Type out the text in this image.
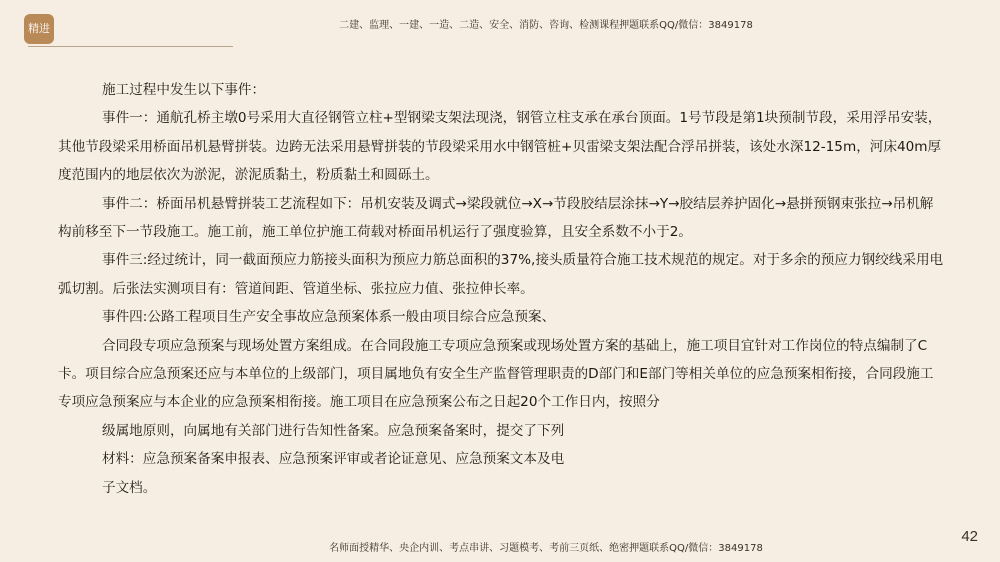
精进	二建、监理、一建、一造、二造、安全、消防、咨询、检测课程押题联系QQ/微信：3849178

施工过程中发生以下事件：

事件一：通航孔桥主墩0号采用大直径钢管立柱+型钢梁支架法现浇，钢管立柱支承在承台顶面。1号节段是第1块预制节段，采用浮吊安装，其他节段梁采用桥面吊机悬臂拼装。边跨无法采用悬臂拼装的节段梁采用水中钢管桩+贝雷梁支架法配合浮吊拼装，该处水深12-15m，河床40m厚度范围内的地层依次为淤泥，淤泥质黏土，粉质黏土和圆砾土。

事件二：桥面吊机悬臂拼装工艺流程如下：吊机安装及调式→梁段就位→X→节段胶结层涂抹→Y→胶结层养护固化→悬拼预钢束张拉→吊机解构前移至下一节段施工。施工前，施工单位护施工荷载对桥面吊机运行了强度验算，且安全系数不小于2。

事件三:经过统计，同一截面预应力筋接头面积为预应力筋总面积的37%,接头质量符合施工技术规范的规定。对于多余的预应力钢绞线采用电弧切割。后张法实测项目有：管道间距、管道坐标、张拉应力值、张拉伸长率。

事件四:公路工程项目生产安全事故应急预案体系一般由项目综合应急预案、

合同段专项应急预案与现场处置方案组成。在合同段施工专项应急预案或现场处置方案的基础上，施工项目宜针对工作岗位的特点编制了C卡。项目综合应急预案还应与本单位的上级部门，项目属地负有安全生产监督管理职责的D部门和E部门等相关单位的应急预案相衔接，合同段施工专项应急预案应与本企业的应急预案相衔接。施工项目在应急预案公布之日起20个工作日内，按照分

级属地原则，向属地有关部门进行告知性备案。应急预案备案时，提交了下列

材料：应急预案备案申报表、应急预案评审或者论证意见、应急预案文本及电

子文档。

名师面授精华、央企内训、考点串讲、习题模考、考前三页纸、绝密押题联系QQ/微信：3849178
42
